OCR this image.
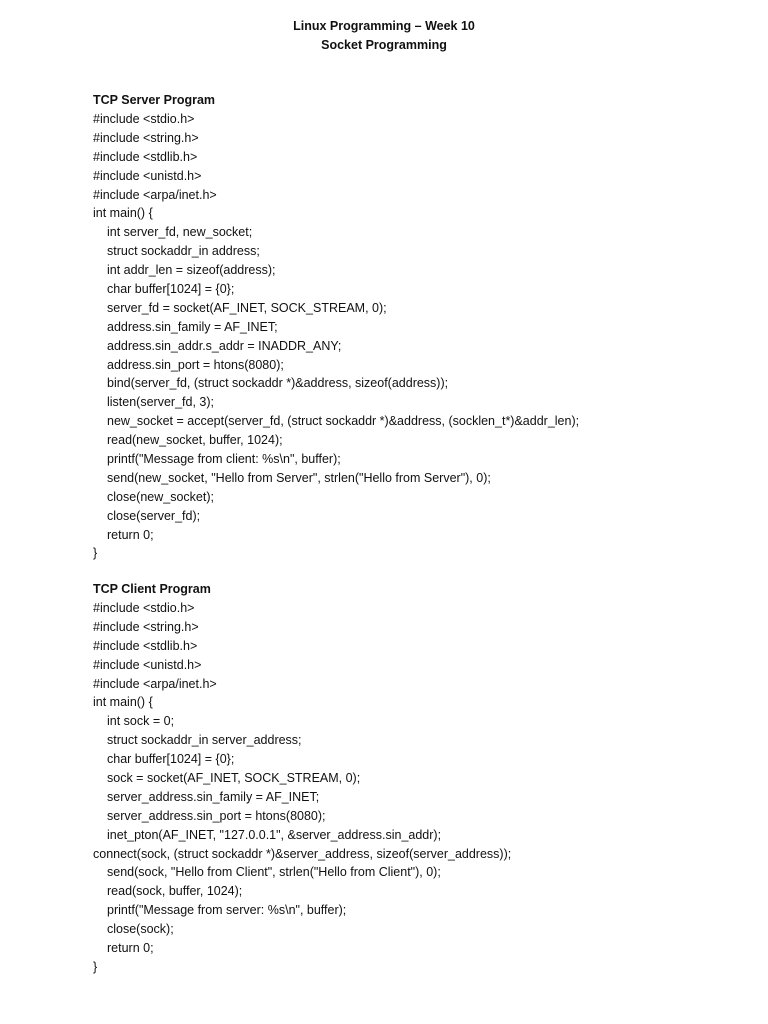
Linux Programming – Week 10
Socket Programming
TCP Server Program
#include <stdio.h>
#include <string.h>
#include <stdlib.h>
#include <unistd.h>
#include <arpa/inet.h>
int main() {
int server_fd, new_socket;
struct sockaddr_in address;
int addr_len = sizeof(address);
char buffer[1024] = {0};
server_fd = socket(AF_INET, SOCK_STREAM, 0);
address.sin_family = AF_INET;
address.sin_addr.s_addr = INADDR_ANY;
address.sin_port = htons(8080);
bind(server_fd, (struct sockaddr *)&address, sizeof(address));
listen(server_fd, 3);
new_socket = accept(server_fd, (struct sockaddr *)&address, (socklen_t*)&addr_len);
read(new_socket, buffer, 1024);
printf("Message from client: %s\n", buffer);
send(new_socket, "Hello from Server", strlen("Hello from Server"), 0);
close(new_socket);
close(server_fd);
return 0;
}
TCP Client Program
#include <stdio.h>
#include <string.h>
#include <stdlib.h>
#include <unistd.h>
#include <arpa/inet.h>
int main() {
int sock = 0;
struct sockaddr_in server_address;
char buffer[1024] = {0};
sock = socket(AF_INET, SOCK_STREAM, 0);
server_address.sin_family = AF_INET;
server_address.sin_port = htons(8080);
inet_pton(AF_INET, "127.0.0.1", &server_address.sin_addr);
connect(sock, (struct sockaddr *)&server_address, sizeof(server_address));
send(sock, "Hello from Client", strlen("Hello from Client"), 0);
read(sock, buffer, 1024);
printf("Message from server: %s\n", buffer);
close(sock);
return 0;
}
